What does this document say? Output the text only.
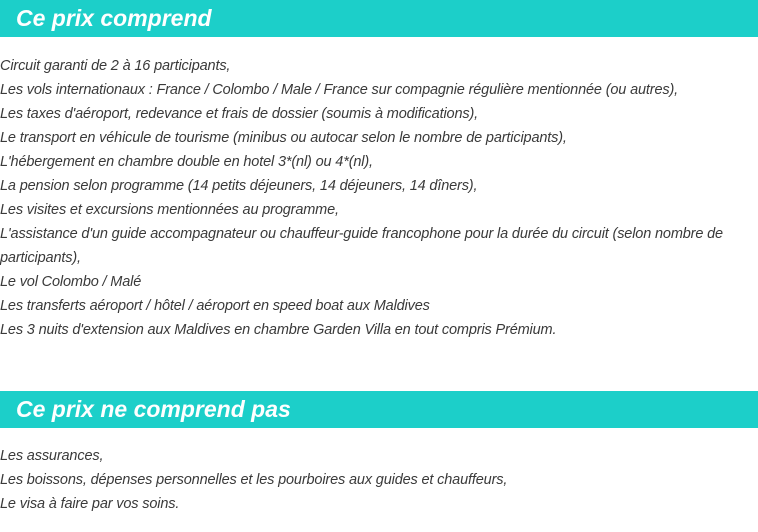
Ce prix comprend
Circuit garanti de 2 à 16 participants,
Les vols internationaux : France / Colombo / Male / France sur compagnie régulière mentionnée (ou autres),
Les taxes d'aéroport, redevance et frais de dossier (soumis à modifications),
Le transport en véhicule de tourisme (minibus ou autocar selon le nombre de participants),
L'hébergement en chambre double en hotel 3*(nl) ou 4*(nl),
La pension selon programme (14 petits déjeuners, 14 déjeuners, 14 dîners),
Les visites et excursions mentionnées au programme,
L'assistance d'un guide accompagnateur ou chauffeur-guide francophone pour la durée du circuit (selon nombre de participants),
Le vol Colombo / Malé
Les transferts aéroport / hôtel / aéroport en speed boat aux Maldives
Les 3 nuits d'extension aux Maldives en chambre Garden Villa en tout compris Prémium.
Ce prix ne comprend pas
Les assurances,
Les boissons, dépenses personnelles et les pourboires aux guides et chauffeurs,
Le visa à faire par vos soins.
